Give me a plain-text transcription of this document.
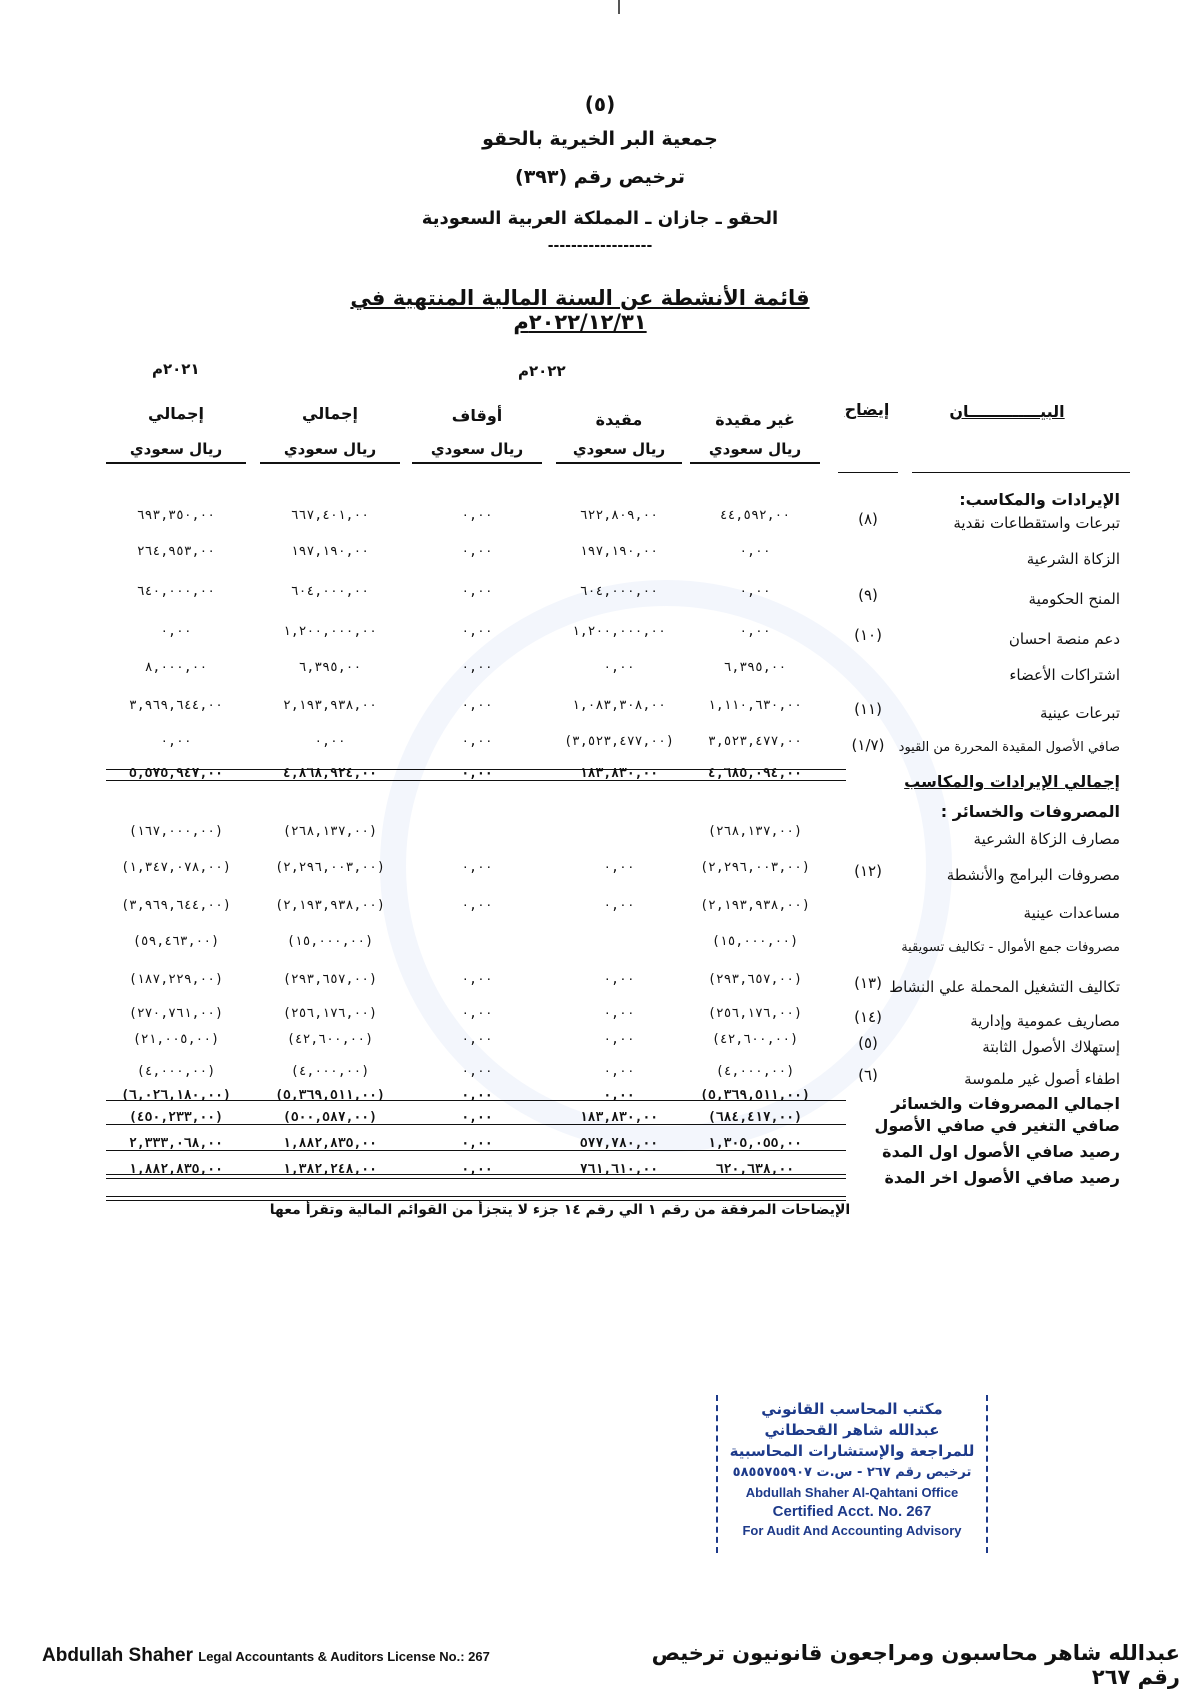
(٥)
جمعية البر الخيرية بالحقو
ترخيص رقم (٣٩٣)
الحقو ـ جازان ـ المملكة العربية السعودية
------------------
قائمة الأنشطة عن السنة المالية المنتهية في ٢٠٢٢/١٢/٣١م
٢٠٢٢م
٢٠٢١م
البيـــــــــــــان
إيضاح
غير مقيدة
ريال سعودي
مقيدة
ريال سعودي
أوقاف
ريال سعودي
إجمالي
ريال سعودي
إجمالي
ريال سعودي
الإيرادات والمكاسب:
تبرعات واستقطاعات نقدية
(٨)
٤٤,٥٩٢,٠٠
٦٢٢,٨٠٩,٠٠
٠,٠٠
٦٦٧,٤٠١,٠٠
٦٩٣,٣٥٠,٠٠
الزكاة الشرعية
٠,٠٠
١٩٧,١٩٠,٠٠
٠,٠٠
١٩٧,١٩٠,٠٠
٢٦٤,٩٥٣,٠٠
المنح الحكومية
(٩)
٠,٠٠
٦٠٤,٠٠٠,٠٠
٠,٠٠
٦٠٤,٠٠٠,٠٠
٦٤٠,٠٠٠,٠٠
دعم منصة احسان
(١٠)
٠,٠٠
١,٢٠٠,٠٠٠,٠٠
٠,٠٠
١,٢٠٠,٠٠٠,٠٠
٠,٠٠
اشتراكات الأعضاء
٦,٣٩٥,٠٠
٠,٠٠
٠,٠٠
٦,٣٩٥,٠٠
٨,٠٠٠,٠٠
تبرعات عينية
(١١)
١,١١٠,٦٣٠,٠٠
١,٠٨٣,٣٠٨,٠٠
٠,٠٠
٢,١٩٣,٩٣٨,٠٠
٣,٩٦٩,٦٤٤,٠٠
صافي الأصول المقيدة المحررة من القيود
(١/٧)
٣,٥٢٣,٤٧٧,٠٠
(٣,٥٢٣,٤٧٧,٠٠)
٠,٠٠
٠,٠٠
٠,٠٠
إجمالي الإيرادات والمكاسب
٤,٦٨٥,٠٩٤,٠٠
١٨٣,٨٣٠,٠٠
٠,٠٠
٤,٨٦٨,٩٢٤,٠٠
٥,٥٧٥,٩٤٧,٠٠
المصروفات والخسائر :
مصارف الزكاة الشرعية
(٢٦٨,١٣٧,٠٠)
(٢٦٨,١٣٧,٠٠)
(١٦٧,٠٠٠,٠٠)
مصروفات البرامج والأنشطة
(١٢)
(٢,٢٩٦,٠٠٣,٠٠)
٠,٠٠
٠,٠٠
(٢,٢٩٦,٠٠٣,٠٠)
(١,٣٤٧,٠٧٨,٠٠)
مساعدات عينية
(٢,١٩٣,٩٣٨,٠٠)
٠,٠٠
٠,٠٠
(٢,١٩٣,٩٣٨,٠٠)
(٣,٩٦٩,٦٤٤,٠٠)
مصروفات جمع الأموال - تكاليف تسويقية
(١٥,٠٠٠,٠٠)
(١٥,٠٠٠,٠٠)
(٥٩,٤٦٣,٠٠)
تكاليف التشغيل المحملة علي النشاط
(١٣)
(٢٩٣,٦٥٧,٠٠)
٠,٠٠
٠,٠٠
(٢٩٣,٦٥٧,٠٠)
(١٨٧,٢٢٩,٠٠)
مصاريف عمومية وإدارية
(١٤)
(٢٥٦,١٧٦,٠٠)
٠,٠٠
٠,٠٠
(٢٥٦,١٧٦,٠٠)
(٢٧٠,٧٦١,٠٠)
إستهلاك الأصول الثابتة
(٥)
(٤٢,٦٠٠,٠٠)
٠,٠٠
٠,٠٠
(٤٢,٦٠٠,٠٠)
(٢١,٠٠٥,٠٠)
اطفاء أصول غير ملموسة
(٦)
(٤,٠٠٠,٠٠)
٠,٠٠
٠,٠٠
(٤,٠٠٠,٠٠)
(٤,٠٠٠,٠٠)
اجمالي المصروفات والخسائر
(٥,٣٦٩,٥١١,٠٠)
٠,٠٠
٠,٠٠
(٥,٣٦٩,٥١١,٠٠)
(٦,٠٢٦,١٨٠,٠٠)
صافي التغير في صافي الأصول
(٦٨٤,٤١٧,٠٠)
١٨٣,٨٣٠,٠٠
٠,٠٠
(٥٠٠,٥٨٧,٠٠)
(٤٥٠,٢٣٣,٠٠)
رصيد صافي الأصول اول المدة
١,٣٠٥,٠٥٥,٠٠
٥٧٧,٧٨٠,٠٠
٠,٠٠
١,٨٨٢,٨٣٥,٠٠
٢,٣٣٣,٠٦٨,٠٠
رصيد صافي الأصول اخر المدة
٦٢٠,٦٣٨,٠٠
٧٦١,٦١٠,٠٠
٠,٠٠
١,٣٨٢,٢٤٨,٠٠
١,٨٨٢,٨٣٥,٠٠
الإيضاحات المرفقة من رقم ١ الي رقم ١٤ جزء لا يتجزأ من القوائم المالية وتقرأ معها
مكتب المحاسب القانوني
عبدالله شاهر القحطاني
للمراجعة والإستشارات المحاسبية
ترخيص رقم ٢٦٧ - س.ت ٥٨٥٥٧٥٥٩٠٧
Abdullah Shaher Al-Qahtani Office
Certified Acct. No. 267
For Audit And Accounting Advisory
Abdullah Shaher Legal Accountants & Auditors License No.: 267	عبدالله شاهر محاسبون ومراجعون قانونيون ترخيص رقم ٢٦٧
